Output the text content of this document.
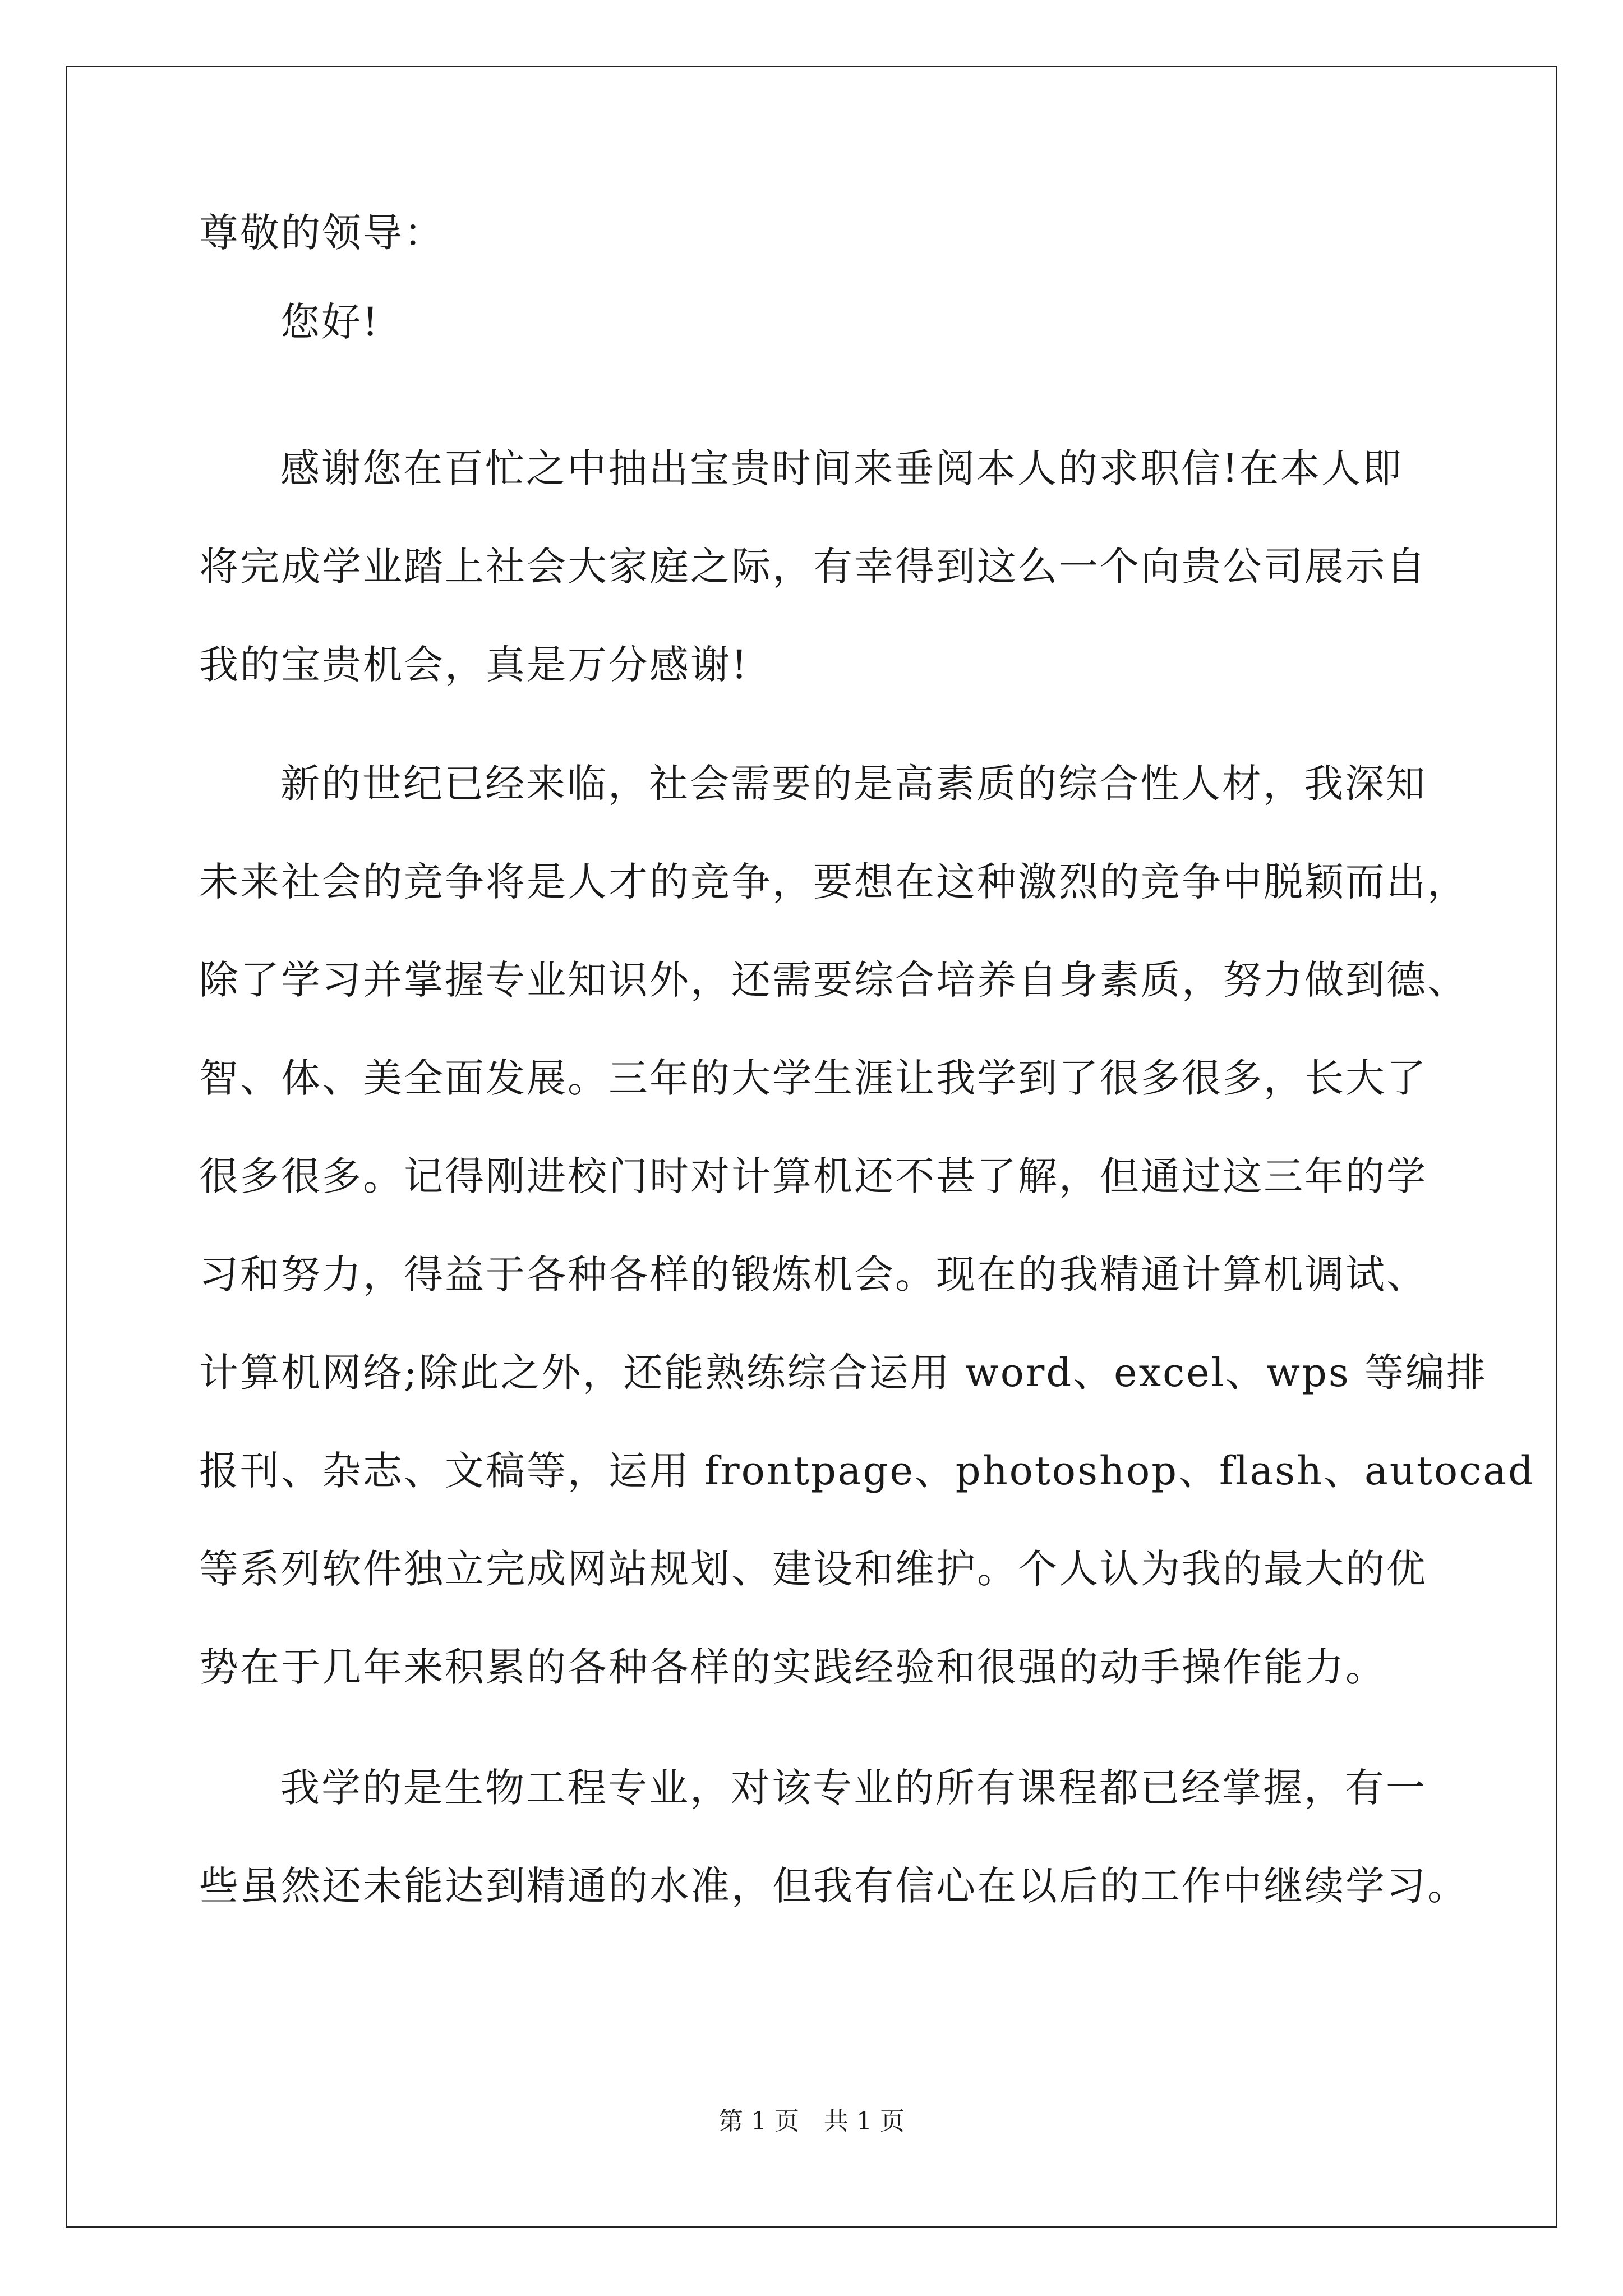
尊敬的领导：
您好!
感谢您在百忙之中抽出宝贵时间来垂阅本人的求职信!在本人即
将完成学业踏上社会大家庭之际，有幸得到这么一个向贵公司展示自
我的宝贵机会，真是万分感谢!
新的世纪已经来临，社会需要的是高素质的综合性人材，我深知
未来社会的竞争将是人才的竞争，要想在这种激烈的竞争中脱颖而出，
除了学习并掌握专业知识外，还需要综合培养自身素质，努力做到德、
智、体、美全面发展。三年的大学生涯让我学到了很多很多，长大了
很多很多。记得刚进校门时对计算机还不甚了解，但通过这三年的学
习和努力，得益于各种各样的锻炼机会。现在的我精通计算机调试、
计算机网络;除此之外，还能熟练综合运用 word、excel、wps 等编排
报刊、杂志、文稿等，运用 frontpage、photoshop、flash、autocad
等系列软件独立完成网站规划、建设和维护。个人认为我的最大的优
势在于几年来积累的各种各样的实践经验和很强的动手操作能力。
我学的是生物工程专业，对该专业的所有课程都已经掌握，有一
些虽然还未能达到精通的水准，但我有信心在以后的工作中继续学习。
第 1 页　共 1 页
